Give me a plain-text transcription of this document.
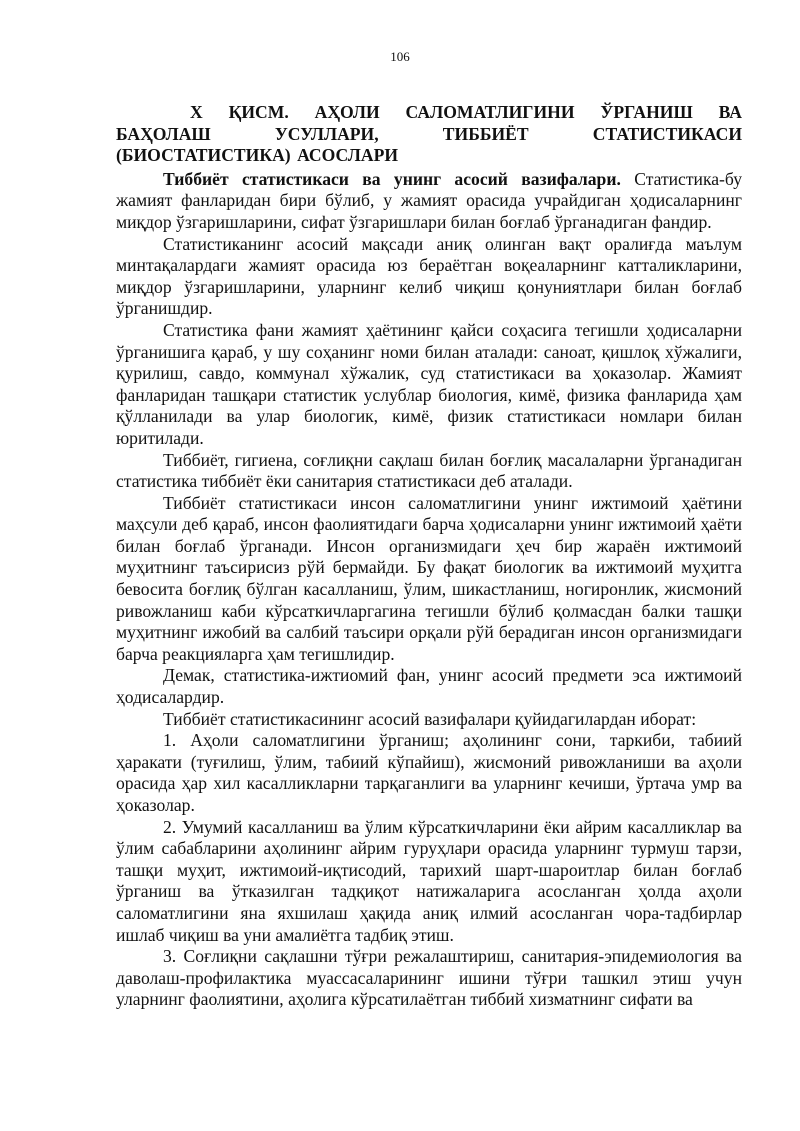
106

X ҚИСМ. АҲОЛИ САЛОМАТЛИГИНИ ЎРГАНИШ ВА БАҲОЛАШ УСУЛЛАРИ, ТИББИЁТ СТАТИСТИКАСИ (БИОСТАТИСТИКА) АСОСЛАРИ

Тиббиёт статистикаси ва унинг асосий вазифалари. Статистика-бу жамият фанларидан бири бўлиб, у жамият орасида учрайдиган ҳодисаларнинг миқдор ўзгаришларини, сифат ўзгаришлари билан боғлаб ўрганадиган фандир.

Статистиканинг асосий мақсади аниқ олинган вақт оралиғда маълум минтақалардаги жамият орасида юз бераётган воқеаларнинг катталикларини, миқдор ўзгаришларини, уларнинг келиб чиқиш қонуниятлари билан боғлаб ўрганишдир.

Статистика фани жамият ҳаётининг қайси соҳасига тегишли ҳодисаларни ўрганишига қараб, у шу соҳанинг номи билан аталади: саноат, қишлоқ хўжалиги, қурилиш, савдо, коммунал хўжалик, суд статистикаси ва ҳоказолар. Жамият фанларидан ташқари статистик услублар биология, кимё, физика фанларида ҳам қўлланилади ва улар биологик, кимё, физик статистикаси номлари билан юритилади.

Тиббиёт, гигиена, соғлиқни сақлаш билан боғлиқ масалаларни ўрганадиган статистика тиббиёт ёки санитария статистикаси деб аталади.

Тиббиёт статистикаси инсон саломатлигини унинг ижтимоий ҳаётини маҳсули деб қараб, инсон фаолиятидаги барча ҳодисаларни унинг ижтимоий ҳаёти билан боғлаб ўрганади. Инсон организмидаги ҳеч бир жараён ижтимоий муҳитнинг таъсирисиз рўй бермайди. Бу фақат биологик ва ижтимоий муҳитга бевосита боғлиқ бўлган касалланиш, ўлим, шикастланиш, ногиронлик, жисмоний ривожланиш каби кўрсаткичларгагина тегишли бўлиб қолмасдан балки ташқи муҳитнинг ижобий ва салбий таъсири орқали рўй берадиган инсон организмидаги барча реакцияларга ҳам тегишлидир.

Демак, статистика-ижтиомий фан, унинг асосий предмети эса ижтимоий ҳодисалардир.

Тиббиёт статистикасининг асосий вазифалари қуйидагилардан иборат:

1. Аҳоли саломатлигини ўрганиш; аҳолининг сони, таркиби, табиий ҳаракати (туғилиш, ўлим, табиий кўпайиш), жисмоний ривожланиши ва аҳоли орасида ҳар хил касалликларни тарқаганлиги ва уларнинг кечиши, ўртача умр ва ҳоказолар.

2. Умумий касалланиш ва ўлим кўрсаткичларини ёки айрим касалликлар ва ўлим сабабларини аҳолининг айрим гуруҳлари орасида уларнинг турмуш тарзи, ташқи муҳит, ижтимоий-иқтисодий, тарихий шарт-шароитлар билан боғлаб ўрганиш ва ўтказилган тадқиқот натижаларига асосланган ҳолда аҳоли саломатлигини яна яхшилаш ҳақида аниқ илмий асосланган чора-тадбирлар ишлаб чиқиш ва уни амалиётга тадбиқ этиш.

3. Соғлиқни сақлашни тўғри режалаштириш, санитария-эпидемиология ва даволаш-профилактика муассасаларининг ишини тўғри ташкил этиш учун уларнинг фаолиятини, аҳолига кўрсатилаётган тиббий хизматнинг сифати ва
